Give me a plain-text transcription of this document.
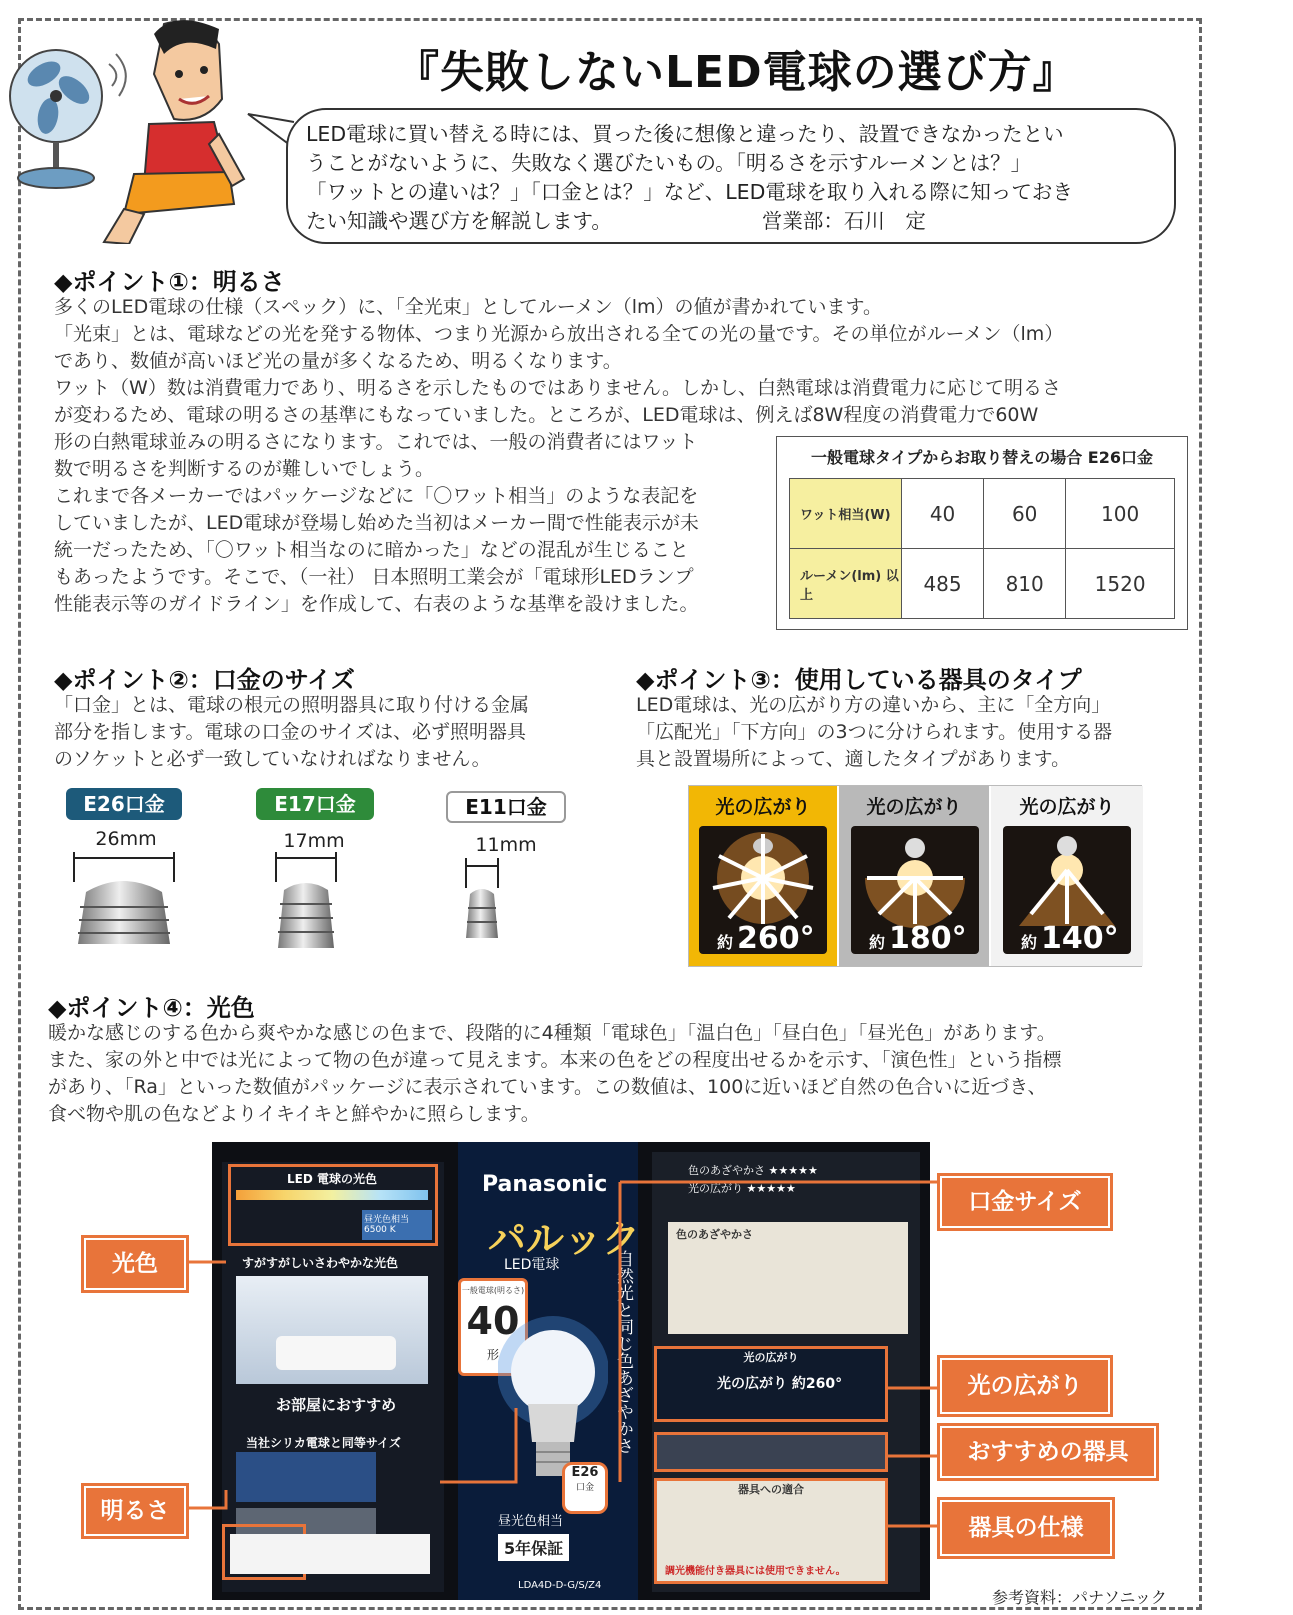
『失敗しないLED電球の選び方』

LED電球に買い替える時には、買った後に想像と違ったり、設置できなかったとい

うことがないように、失敗なく選びたいもの。「明るさを示すルーメンとは？」

「ワットとの違いは？」「口金とは？」など、LED電球を取り入れる際に知っておき

たい知識や選び方を解説します。	営業部：石川　定

◆ポイント①：明るさ
多くのLED電球の仕様（スペック）に、「全光束」としてルーメン（lm）の値が書かれています。
「光束」とは、電球などの光を発する物体、つまり光源から放出される全ての光の量です。その単位がルーメン（lm）
であり、数値が高いほど光の量が多くなるため、明るくなります。
ワット（W）数は消費電力であり、明るさを示したものではありません。しかし、白熱電球は消費電力に応じて明るさ
が変わるため、電球の明るさの基準にもなっていました。ところが、LED電球は、例えば8W程度の消費電力で60W
形の白熱電球並みの明るさになります。これでは、一般の消費者にはワット
数で明るさを判断するのが難しいでしょう。
これまで各メーカーではパッケージなどに「〇ワット相当」のような表記を
していましたが、LED電球が登場し始めた当初はメーカー間で性能表示が未
統一だったため、「〇ワット相当なのに暗かった」などの混乱が生じること
もあったようです。そこで、（一社） 日本照明工業会が「電球形LEDランプ
性能表示等のガイドライン」を作成して、右表のような基準を設けました。
一般電球タイプからお取り替えの場合 E26口金
ワット相当(W)	40	60	100
ルーメン(lm) 以上	485	810	1520
◆ポイント②：口金のサイズ
「口金」とは、電球の根元の照明器具に取り付ける金属
部分を指します。電球の口金のサイズは、必ず照明器具
のソケットと必ず一致していなければなりません。
E26口金	E17口金	E11口金
26mm	17mm	11mm
◆ポイント③：使用している器具のタイプ
LED電球は、光の広がり方の違いから、主に「全方向」
「広配光」「下方向」の3つに分けられます。使用する器
具と設置場所によって、適したタイプがあります。
光の広がり
約 260°
光の広がり
約 180°
光の広がり
約 140°
◆ポイント④：光色
暖かな感じのする色から爽やかな感じの色まで、段階的に4種類「電球色」「温白色」「昼白色」「昼光色」があります。
また、家の外と中では光によって物の色が違って見えます。本来の色をどの程度出せるかを示す、「演色性」という指標
があり、「Ra」といった数値がパッケージに表示されています。この数値は、100に近いほど自然の色合いに近づき、
食べ物や肌の色などよりイキイキと鮮やかに照らします。
LED 電球の光色
昼光色相当 6500 K
すがすがしいさわやかな光色
お部屋におすすめ
当社シリカ電球と同等サイズ
Panasonic
パルック
LED電球
一般電球(明るさ)
40
形
E26
口金
自然光と同じ色あざやかさ
昼光色相当
5年保証
LDA4D-D-G/S/Z4
色のあざやかさ ★★★★★
光の広がり ★★★★★
色のあざやかさ
光の広がり
光の広がり 約260°
器具への適合
調光機能付き器具には使用できません。
光色
明るさ
口金サイズ
光の広がり
おすすめの器具
器具の仕様
参考資料：パナソニック
